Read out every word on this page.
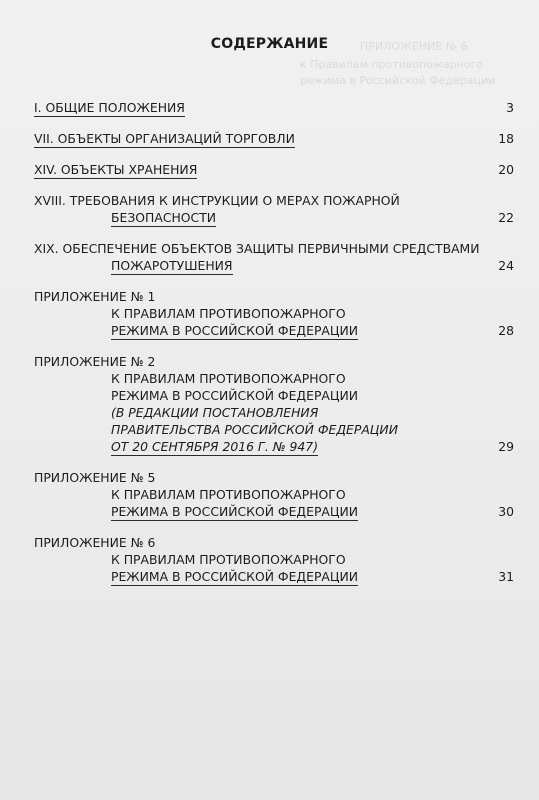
ПРИЛОЖЕНИЕ № 6
к Правилам противопожарного
режима в Российской Федерации
СОДЕРЖАНИЕ
I. ОБЩИЕ ПОЛОЖЕНИЯ	3
VII. ОБЪЕКТЫ ОРГАНИЗАЦИЙ ТОРГОВЛИ	18
XIV. ОБЪЕКТЫ ХРАНЕНИЯ	20
XVIII. ТРЕБОВАНИЯ К ИНСТРУКЦИИ О МЕРАХ ПОЖАРНОЙ
БЕЗОПАСНОСТИ	22
XIX. ОБЕСПЕЧЕНИЕ ОБЪЕКТОВ ЗАЩИТЫ ПЕРВИЧНЫМИ СРЕДСТВАМИ
ПОЖАРОТУШЕНИЯ	24
ПРИЛОЖЕНИЕ № 1
К ПРАВИЛАМ ПРОТИВОПОЖАРНОГО
РЕЖИМА В РОССИЙСКОЙ ФЕДЕРАЦИИ	28
ПРИЛОЖЕНИЕ № 2
К ПРАВИЛАМ ПРОТИВОПОЖАРНОГО
РЕЖИМА В РОССИЙСКОЙ ФЕДЕРАЦИИ
(В РЕДАКЦИИ ПОСТАНОВЛЕНИЯ
ПРАВИТЕЛЬСТВА РОССИЙСКОЙ ФЕДЕРАЦИИ
ОТ 20 СЕНТЯБРЯ 2016 Г. № 947)	29
ПРИЛОЖЕНИЕ № 5
К ПРАВИЛАМ ПРОТИВОПОЖАРНОГО
РЕЖИМА В РОССИЙСКОЙ ФЕДЕРАЦИИ	30
ПРИЛОЖЕНИЕ № 6
К ПРАВИЛАМ ПРОТИВОПОЖАРНОГО
РЕЖИМА В РОССИЙСКОЙ ФЕДЕРАЦИИ	31
